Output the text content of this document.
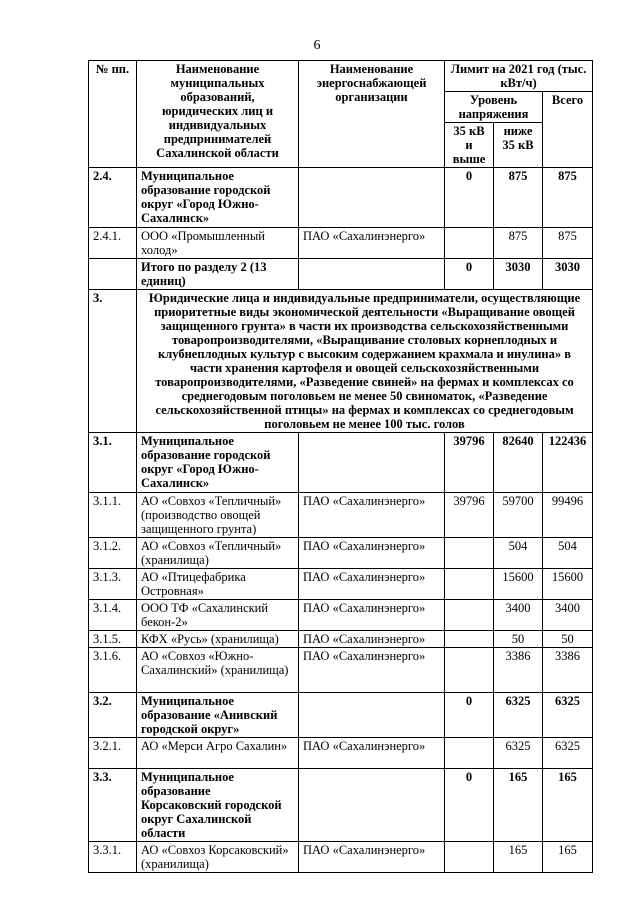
6
№ пп.	Наименование муниципальных образований, юридических лиц и индивидуальных предпринимателей Сахалинской области	Наименование энергоснабжающей организации	Лимит на 2021 год (тыс. кВт/ч)		
			Уровень напряжения		Всего
			35 кВ и выше	ниже 35 кВ	
2.4.	Муниципальное образование городской округ «Город Южно-Сахалинск»		0	875	875
2.4.1.	ООО «Промышленный холод»	ПАО «Сахалинэнерго»		875	875
	Итого по разделу 2 (13 единиц)		0	3030	3030
3.	Юридические лица и индивидуальные предприниматели, осуществляющие приоритетные виды экономической деятельности «Выращивание овощей защищенного грунта» в части их производства сельскохозяйственными товаропроизводителями, «Выращивание столовых корнеплодных и клубнеплодных культур с высоким содержанием крахмала и инулина» в части хранения картофеля и овощей сельскохозяйственными товаропроизводителями, «Разведение свиней» на фермах и комплексах со среднегодовым поголовьем не менее 50 свиноматок, «Разведение сельскохозяйственной птицы» на фермах и комплексах со среднегодовым поголовьем не менее 100 тыс. голов				
3.1.	Муниципальное образование городской округ «Город Южно-Сахалинск»		39796	82640	122436
3.1.1.	АО «Совхоз «Тепличный» (производство овощей защищенного грунта)	ПАО «Сахалинэнерго»	39796	59700	99496
3.1.2.	АО «Совхоз «Тепличный» (хранилища)	ПАО «Сахалинэнерго»		504	504
3.1.3.	АО «Птицефабрика Островная»	ПАО «Сахалинэнерго»		15600	15600
3.1.4.	ООО ТФ «Сахалинский бекон-2»	ПАО «Сахалинэнерго»		3400	3400
3.1.5.	КФХ «Русь» (хранилища)	ПАО «Сахалинэнерго»		50	50
3.1.6.	АО «Совхоз «Южно-Сахалинский» (хранилища)	ПАО «Сахалинэнерго»		3386	3386
3.2.	Муниципальное образование «Анивский городской округ»		0	6325	6325
3.2.1.	АО «Мерси Агро Сахалин»	ПАО «Сахалинэнерго»		6325	6325
3.3.	Муниципальное образование Корсаковский городской округ Сахалинской области		0	165	165
3.3.1.	АО «Совхоз Корсаковский» (хранилища)	ПАО «Сахалинэнерго»		165	165
